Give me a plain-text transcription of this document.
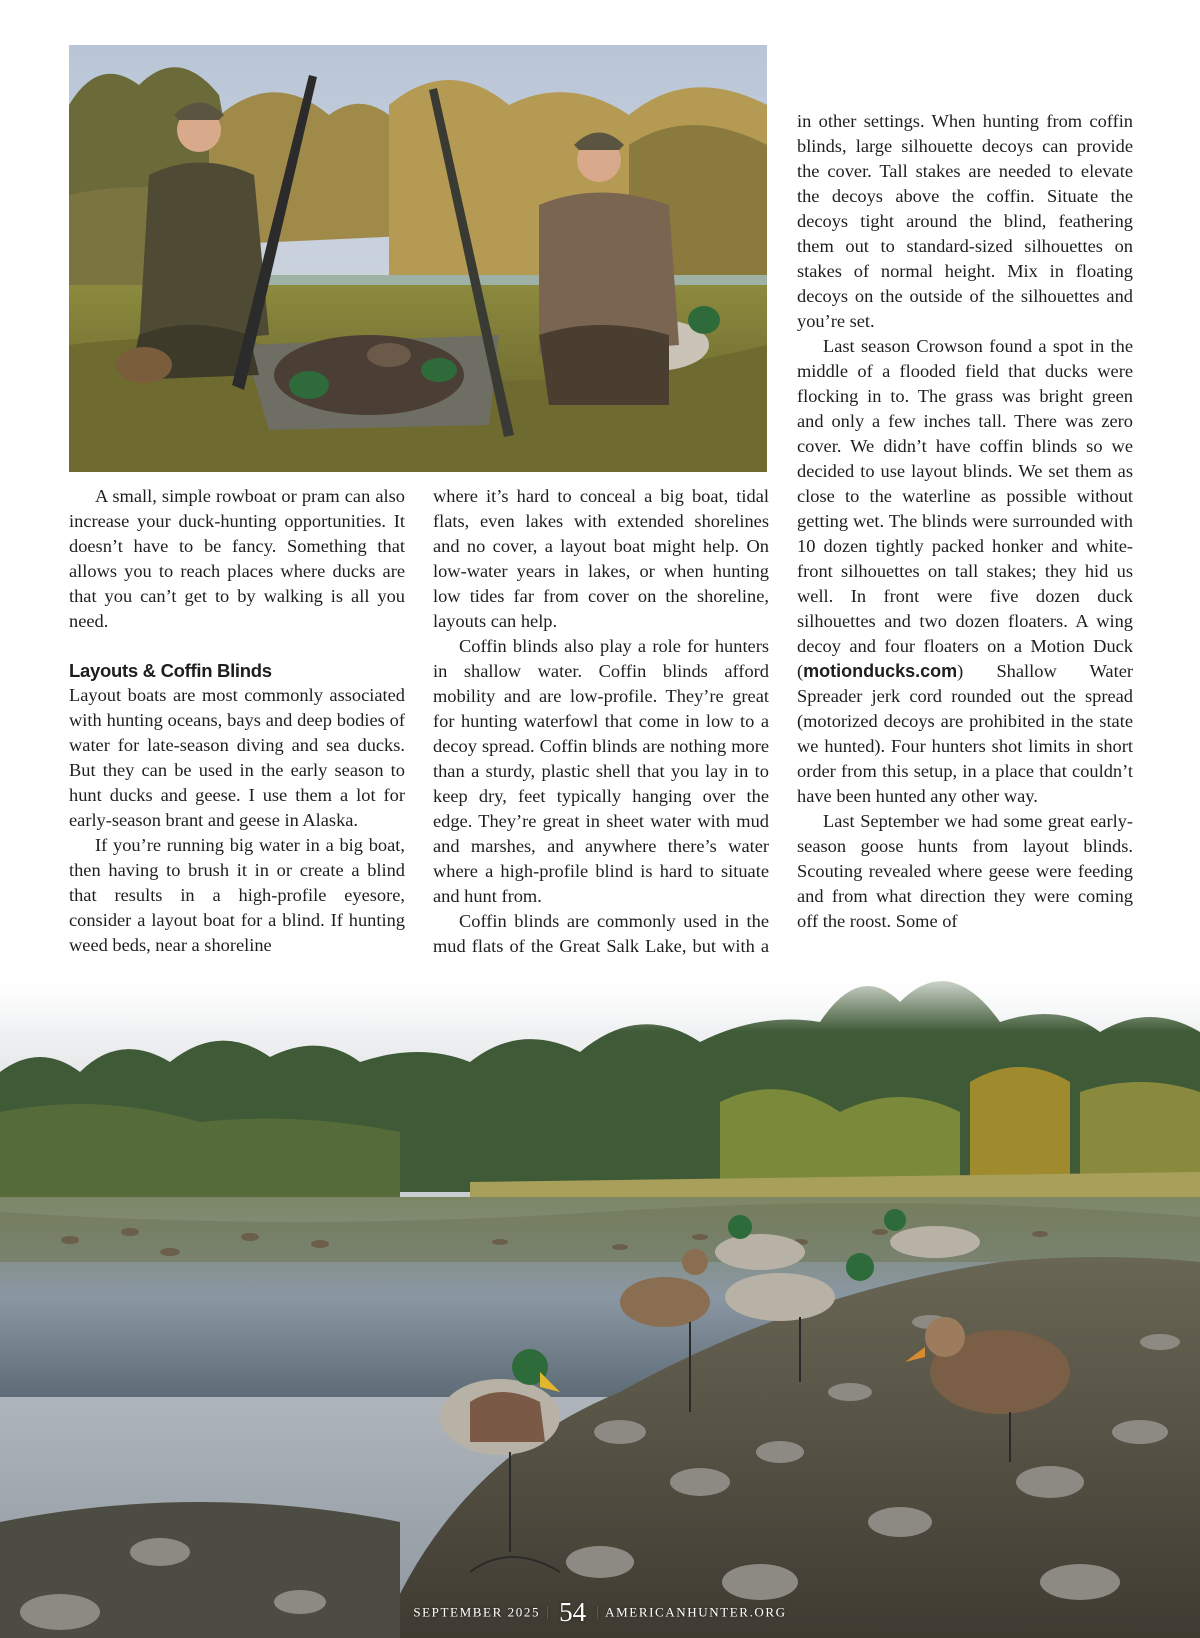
A small, simple rowboat or pram can also increase your duck-hunting opportunities. It doesn’t have to be fancy. Something that allows you to reach places where ducks are that you can’t get to by walking is all you need.

Layouts & Coffin Blinds

Layout boats are most commonly associated with hunting oceans, bays and deep bodies of water for late-season diving and sea ducks. But they can be used in the early season to hunt ducks and geese. I use them a lot for early-season brant and geese in Alaska.

If you’re running big water in a big boat, then having to brush it in or create a blind that results in a high-profile eyesore, consider a layout boat for a blind. If hunting weed beds, near a shoreline

where it’s hard to conceal a big boat, tidal flats, even lakes with extended shorelines and no cover, a layout boat might help. On low-water years in lakes, or when hunting low tides far from cover on the shoreline, layouts can help.

Coffin blinds also play a role for hunters in shallow water. Coffin blinds afford mobility and are low-profile. They’re great for hunting waterfowl that come in low to a decoy spread. Coffin blinds are nothing more than a sturdy, plastic shell that you lay in to keep dry, feet typically hanging over the edge. They’re great in sheet water with mud and marshes, and anywhere there’s water where a high-profile blind is hard to situate and hunt from.

Coffin blinds are commonly used in the mud flats of the Great Salk Lake, but with a

in other settings. When hunting from coffin blinds, large silhouette decoys can provide the cover. Tall stakes are needed to elevate the decoys above the coffin. Situate the decoys tight around the blind, feathering them out to standard-sized silhouettes on stakes of normal height. Mix in floating decoys on the outside of the silhouettes and you’re set.

Last season Crowson found a spot in the middle of a flooded field that ducks were flocking in to. The grass was bright green and only a few inches tall. There was zero cover. We didn’t have coffin blinds so we decided to use layout blinds. We set them as close to the waterline as possible without getting wet. The blinds were surrounded with 10 dozen tightly packed honker and white-front silhouettes on tall stakes; they hid us well. In front were five dozen duck silhouettes and two dozen floaters. A wing decoy and four floaters on a Motion Duck (motionducks.com) Shallow Water Spreader jerk cord rounded out the spread (motorized decoys are prohibited in the state we hunted). Four hunters shot limits in short order from this setup, in a place that couldn’t have been hunted any other way.

Last September we had some great early-season goose hunts from layout blinds. Scouting revealed where geese were feeding and from what direction they were coming off the roost. Some of

SEPTEMBER 2025 | 54 | AMERICANHUNTER.ORG
